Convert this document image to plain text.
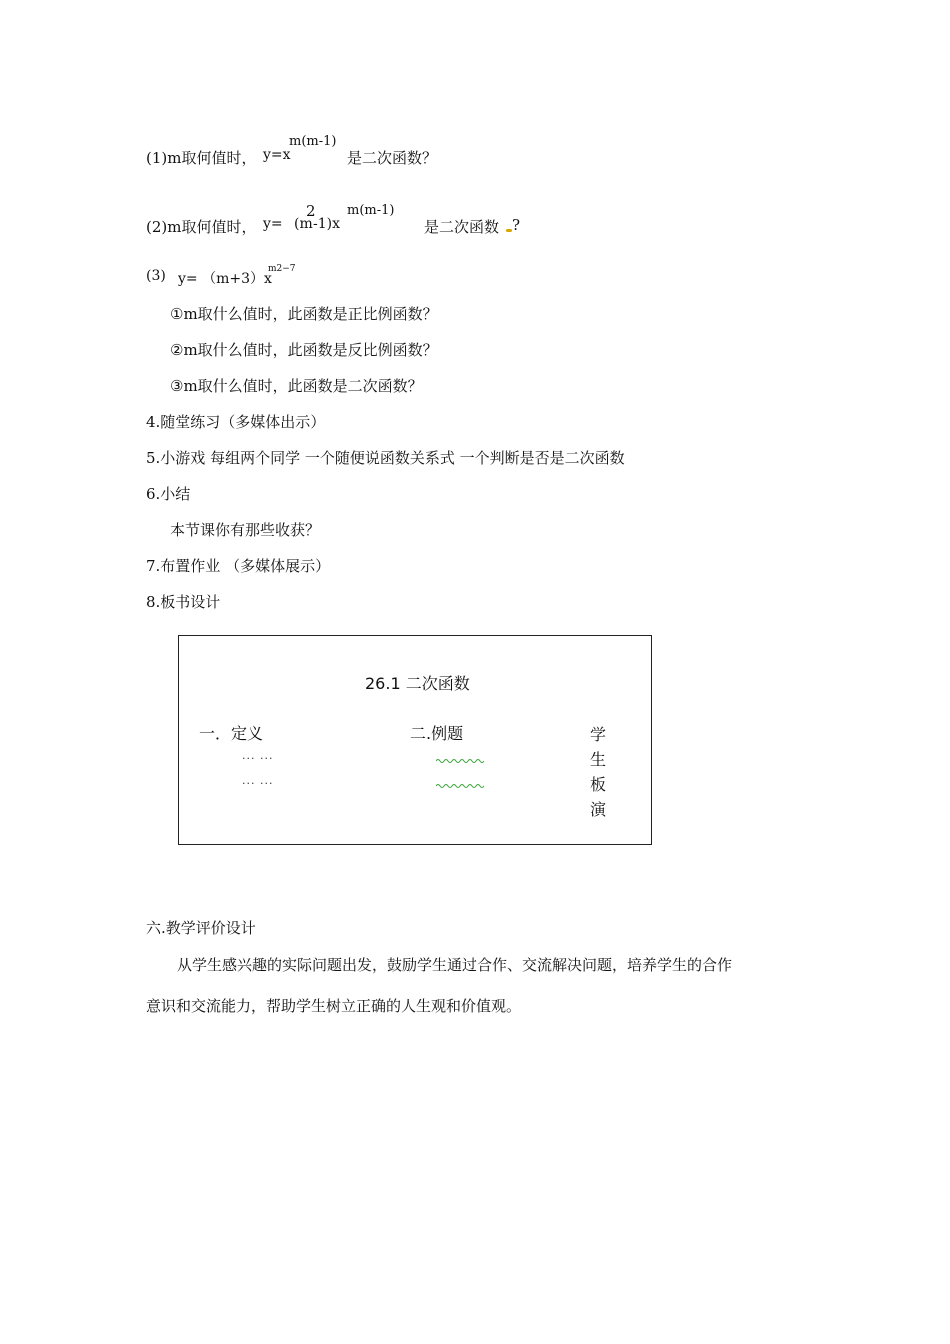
(1)m取何值时， y=x
m(m-1)
是二次函数？
(2)m取何值时， y= (m
2
-1)x
m(m-1)
是二次函数 ?
(3) y= （m+3）x
m2−7
①m取什么值时，此函数是正比例函数？
②m取什么值时，此函数是反比例函数？
③m取什么值时，此函数是二次函数？
4.随堂练习（多媒体出示）
5.小游戏 每组两个同学 一个随便说函数关系式 一个判断是否是二次函数
6.小结
本节课你有那些收获？
7.布置作业 （多媒体展示）
8.板书设计
26.1 二次函数
一．定义	二.例题
··· ···
··· ···
学
生
板
演
六.教学评价设计
从学生感兴趣的实际问题出发，鼓励学生通过合作、交流解决问题，培养学生的合作
意识和交流能力，帮助学生树立正确的人生观和价值观。
